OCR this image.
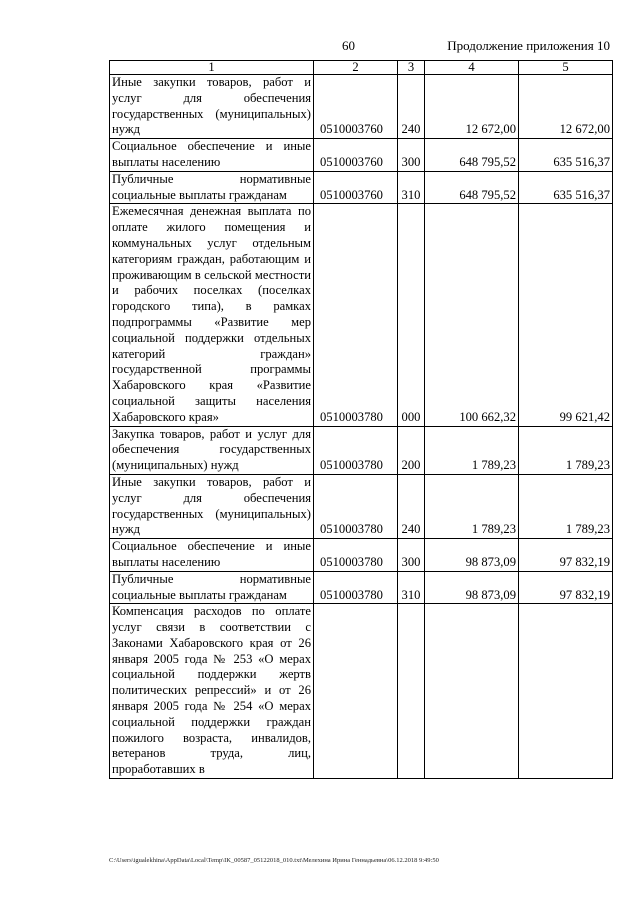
60	Продолжение приложения 10
1	2	3	4	5
Иные закупки товаров, работ и услуг для обеспечения государственных (муниципальных) нужд	0510003760	240	12 672,00	12 672,00
Социальное обеспечение и иные выплаты населению	0510003760	300	648 795,52	635 516,37
Публичные нормативные социальные выплаты гражданам	0510003760	310	648 795,52	635 516,37
Ежемесячная денежная выплата по оплате жилого помещения и коммунальных услуг отдельным категориям граждан, работающим и проживающим в сельской местности и рабочих поселках (поселках городского типа), в рамках подпрограммы «Развитие мер социальной поддержки отдельных категорий граждан» государственной программы Хабаровского края «Развитие социальной защиты населения Хабаровского края»	0510003780	000	100 662,32	99 621,42
Закупка товаров, работ и услуг для обеспечения государственных (муниципальных) нужд	0510003780	200	1 789,23	1 789,23
Иные закупки товаров, работ и услуг для обеспечения государственных (муниципальных) нужд	0510003780	240	1 789,23	1 789,23
Социальное обеспечение и иные выплаты населению	0510003780	300	98 873,09	97 832,19
Публичные нормативные социальные выплаты гражданам	0510003780	310	98 873,09	97 832,19
Компенсация расходов по оплате услуг связи в соответствии с Законами Хабаровского края от 26 января 2005 года № 253 «О мерах социальной поддержки жертв политических репрессий» и от 26 января 2005 года № 254 «О мерах социальной поддержки граждан пожилого возраста, инвалидов, ветеранов труда, лиц, проработавших в				
C:\Users\igualekhina\AppData\Local\Temp\IK_00587_05122018_010.txt\Мелехина Ирина Геннадьевна\06.12.2018 9:49:50
